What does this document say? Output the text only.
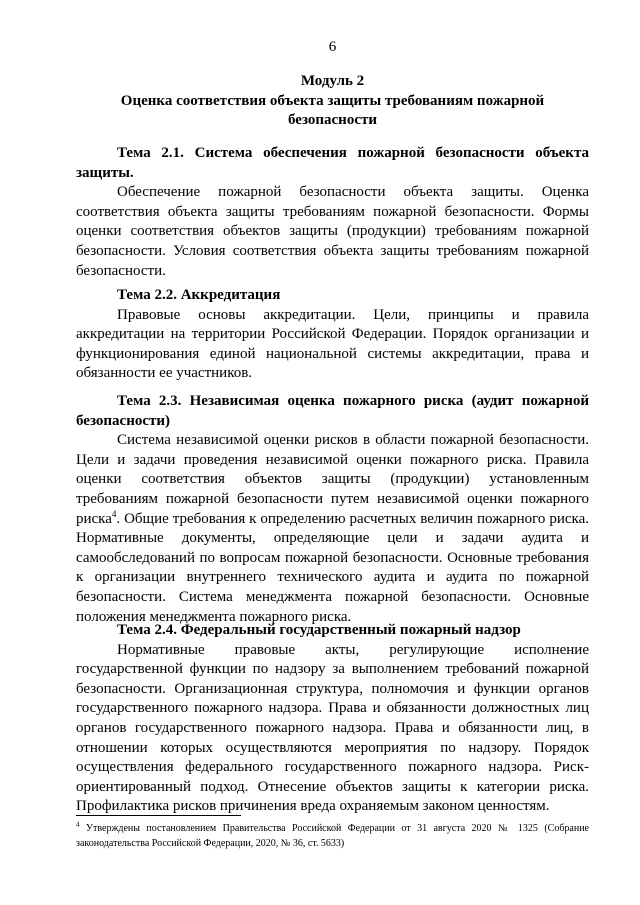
6
Модуль 2
Оценка соответствия объекта защиты требованиям пожарной безопасности

Тема 2.1. Система обеспечения пожарной безопасности объекта защиты.

Обеспечение пожарной безопасности объекта защиты. Оценка соответствия объекта защиты требованиям пожарной безопасности. Формы оценки соответствия объектов защиты (продукции) требованиям пожарной безопасности. Условия соответствия объекта защиты требованиям пожарной безопасности.

Тема 2.2. Аккредитация

Правовые основы аккредитации. Цели, принципы и правила аккредитации на территории Российской Федерации. Порядок организации и функционирования единой национальной системы аккредитации, права и обязанности ее участников.

Тема 2.3. Независимая оценка пожарного риска (аудит пожарной безопасности)

Система независимой оценки рисков в области пожарной безопасности. Цели и задачи проведения независимой оценки пожарного риска. Правила оценки соответствия объектов защиты (продукции) установленным требованиям пожарной безопасности путем независимой оценки пожарного риска$^4$. Общие требования к определению расчетных величин пожарного риска. Нормативные документы, определяющие цели и задачи аудита и самообследований по вопросам пожарной безопасности. Основные требования к организации внутреннего технического аудита и аудита по пожарной безопасности. Система менеджмента пожарной безопасности. Основные положения менеджмента пожарного риска.

Тема 2.4. Федеральный государственный пожарный надзор

Нормативные правовые акты, регулирующие исполнение государственной функции по надзору за выполнением требований пожарной безопасности. Организационная структура, полномочия и функции органов государственного пожарного надзора. Права и обязанности должностных лиц органов государственного пожарного надзора. Права и обязанности лиц, в отношении которых осуществляются мероприятия по надзору. Порядок осуществления федерального государственного пожарного надзора. Риск-ориентированный подход. Отнесение объектов защиты к категории риска. Профилактика рисков причинения вреда охраняемым законом ценностям.

$^4$ Утверждены постановлением Правительства Российской Федерации от 31 августа 2020 № 1325 (Собрание законодательства Российской Федерации, 2020, № 36, ст. 5633)
